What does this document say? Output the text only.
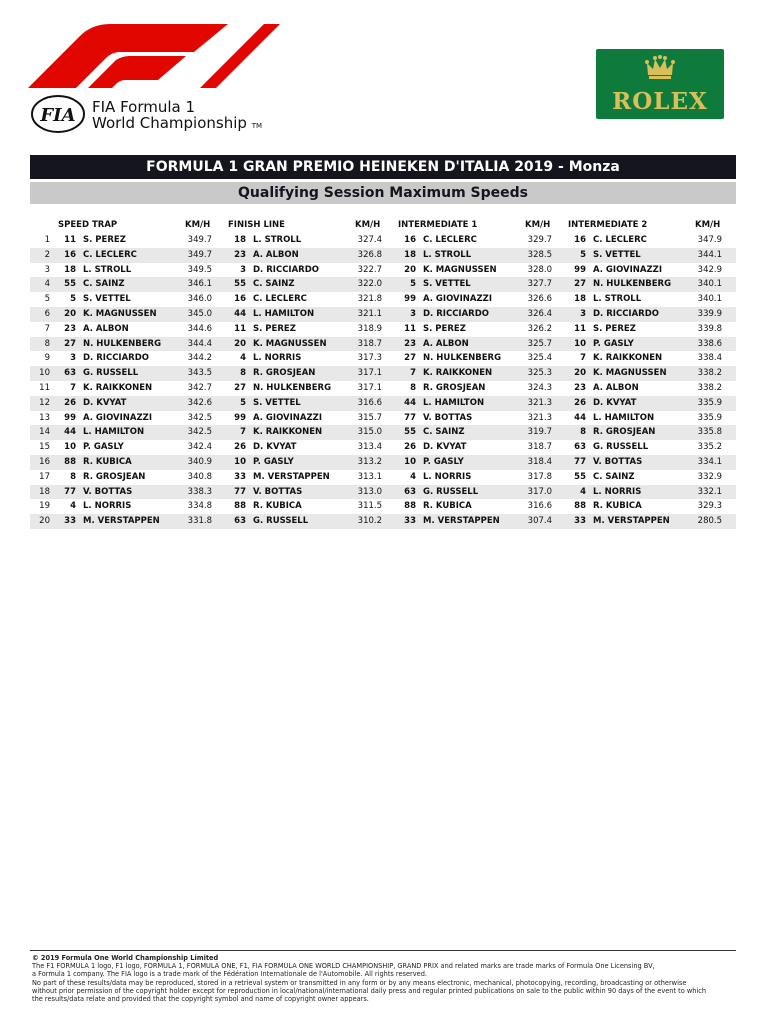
FIA FIA Formula 1
World Championship TM
ROLEX
FORMULA 1 GRAN PREMIO HEINEKEN D'ITALIA 2019 - Monza
Qualifying Session Maximum Speeds
SPEED TRAP	KM/H FINISH LINE	KM/H INTERMEDIATE 1	KM/H INTERMEDIATE 2	KM/H
1	11 S. PEREZ	349.7	18 L. STROLL	327.4	16 C. LECLERC	329.7	16 C. LECLERC	347.9
2	16 C. LECLERC	349.7	23 A. ALBON	326.8	18 L. STROLL	328.5	5 S. VETTEL	344.1
3	18 L. STROLL	349.5	3 D. RICCIARDO	322.7	20 K. MAGNUSSEN	328.0	99 A. GIOVINAZZI	342.9
4	55 C. SAINZ	346.1	55 C. SAINZ	322.0	5 S. VETTEL	327.7	27 N. HULKENBERG	340.1
5	5 S. VETTEL	346.0	16 C. LECLERC	321.8	99 A. GIOVINAZZI	326.6	18 L. STROLL	340.1
6	20 K. MAGNUSSEN	345.0	44 L. HAMILTON	321.1	3 D. RICCIARDO	326.4	3 D. RICCIARDO	339.9
7	23 A. ALBON	344.6	11 S. PEREZ	318.9	11 S. PEREZ	326.2	11 S. PEREZ	339.8
8	27 N. HULKENBERG	344.4	20 K. MAGNUSSEN	318.7	23 A. ALBON	325.7	10 P. GASLY	338.6
9	3 D. RICCIARDO	344.2	4 L. NORRIS	317.3	27 N. HULKENBERG	325.4	7 K. RAIKKONEN	338.4
10	63 G. RUSSELL	343.5	8 R. GROSJEAN	317.1	7 K. RAIKKONEN	325.3	20 K. MAGNUSSEN	338.2
11	7 K. RAIKKONEN	342.7	27 N. HULKENBERG	317.1	8 R. GROSJEAN	324.3	23 A. ALBON	338.2
12	26 D. KVYAT	342.6	5 S. VETTEL	316.6	44 L. HAMILTON	321.3	26 D. KVYAT	335.9
13	99 A. GIOVINAZZI	342.5	99 A. GIOVINAZZI	315.7	77 V. BOTTAS	321.3	44 L. HAMILTON	335.9
14	44 L. HAMILTON	342.5	7 K. RAIKKONEN	315.0	55 C. SAINZ	319.7	8 R. GROSJEAN	335.8
15	10 P. GASLY	342.4	26 D. KVYAT	313.4	26 D. KVYAT	318.7	63 G. RUSSELL	335.2
16	88 R. KUBICA	340.9	10 P. GASLY	313.2	10 P. GASLY	318.4	77 V. BOTTAS	334.1
17	8 R. GROSJEAN	340.8	33 M. VERSTAPPEN	313.1	4 L. NORRIS	317.8	55 C. SAINZ	332.9
18	77 V. BOTTAS	338.3	77 V. BOTTAS	313.0	63 G. RUSSELL	317.0	4 L. NORRIS	332.1
19	4 L. NORRIS	334.8	88 R. KUBICA	311.5	88 R. KUBICA	316.6	88 R. KUBICA	329.3
20	33 M. VERSTAPPEN	331.8	63 G. RUSSELL	310.2	33 M. VERSTAPPEN	307.4	33 M. VERSTAPPEN	280.5
© 2019 Formula One World Championship Limited
The F1 FORMULA 1 logo, F1 logo, FORMULA 1, FORMULA ONE, F1, FIA FORMULA ONE WORLD CHAMPIONSHIP, GRAND PRIX and related marks are trade marks of Formula One Licensing BV,
a Formula 1 company. The FIA logo is a trade mark of the Fédération Internationale de l'Automobile. All rights reserved.
No part of these results/data may be reproduced, stored in a retrieval system or transmitted in any form or by any means electronic, mechanical, photocopying, recording, broadcasting or otherwise
without prior permission of the copyright holder except for reproduction in local/national/international daily press and regular printed publications on sale to the public within 90 days of the event to which
the results/data relate and provided that the copyright symbol and name of copyright owner appears.
